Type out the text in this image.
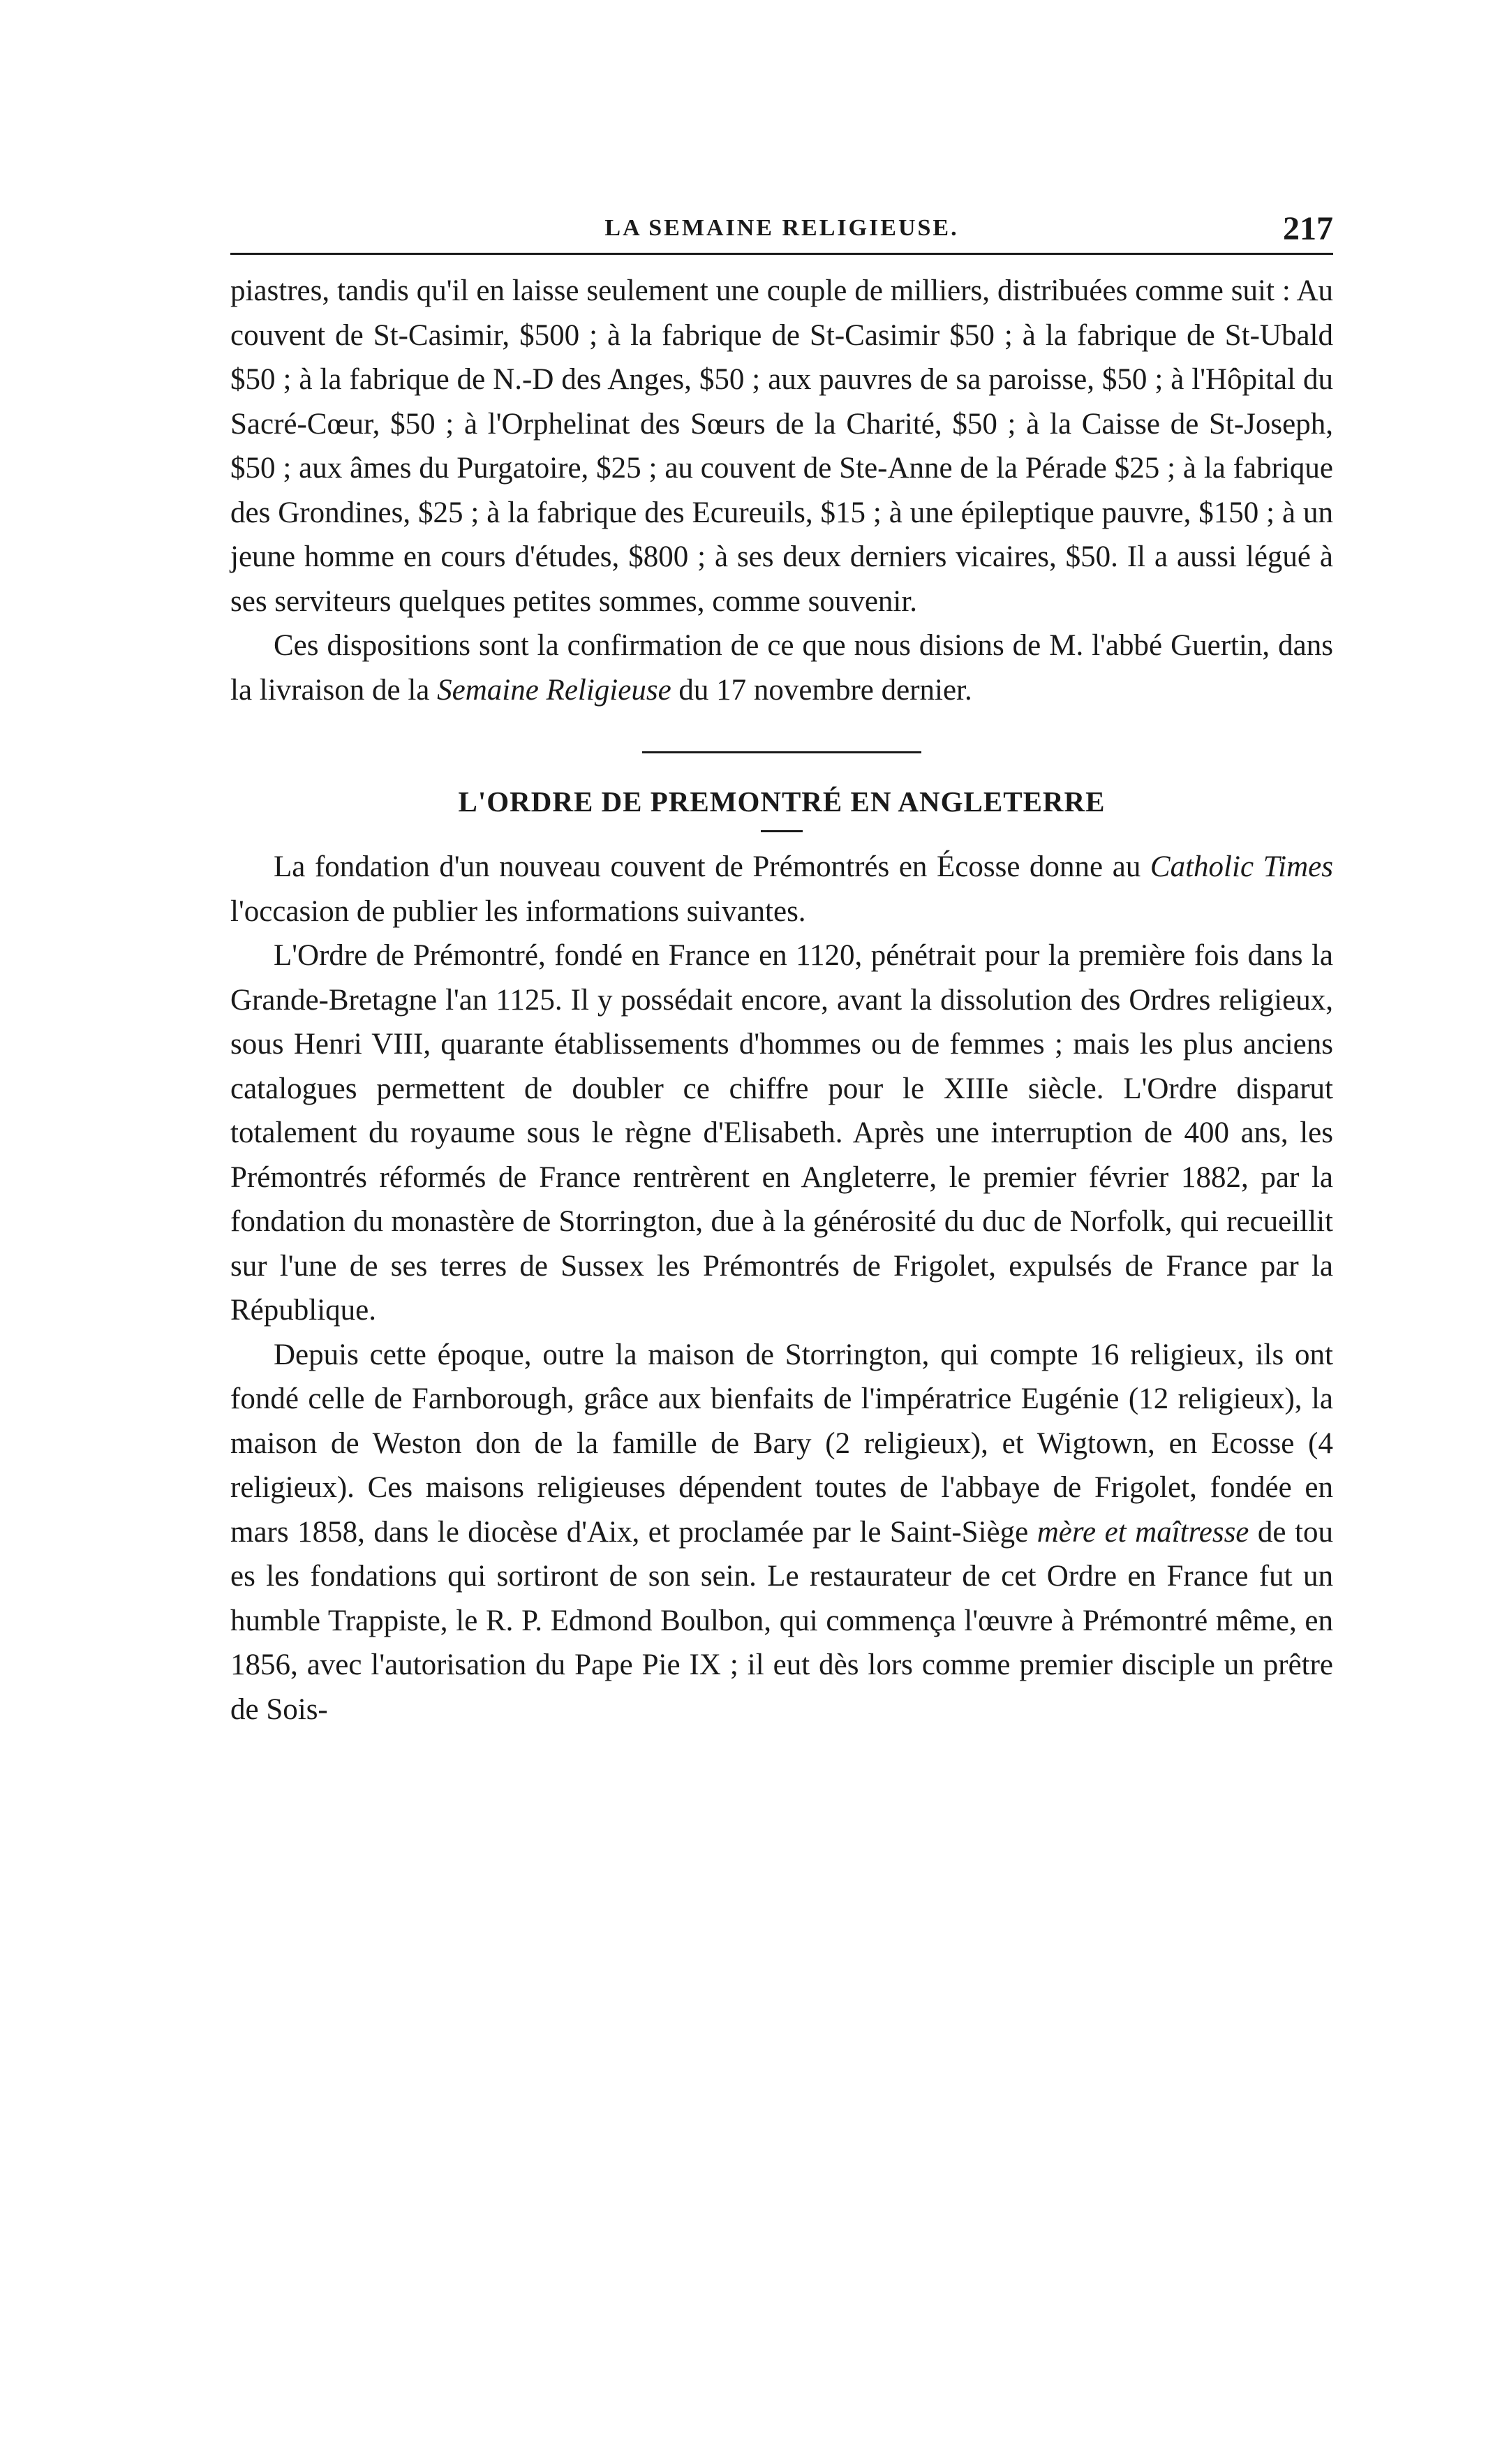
LA SEMAINE RELIGIEUSE.	217

piastres, tandis qu'il en laisse seulement une couple de milliers, distribuées comme suit : Au couvent de St-Casimir, $500 ; à la fabrique de St-Casimir $50 ; à la fabrique de St-Ubald $50 ; à la fabrique de N.-D des Anges, $50 ; aux pauvres de sa paroisse, $50 ; à l'Hôpital du Sacré-Cœur, $50 ; à l'Orphelinat des Sœurs de la Charité, $50 ; à la Caisse de St-Joseph, $50 ; aux âmes du Purgatoire, $25 ; au couvent de Ste-Anne de la Pérade $25 ; à la fabrique des Grondines, $25 ; à la fabrique des Ecureuils, $15 ; à une épileptique pauvre, $150 ; à un jeune homme en cours d'études, $800 ; à ses deux derniers vicaires, $50. Il a aussi légué à ses serviteurs quelques petites sommes, comme souvenir.

Ces dispositions sont la confirmation de ce que nous disions de M. l'abbé Guertin, dans la livraison de la Semaine Religieuse du 17 novembre dernier.

L'ORDRE DE PREMONTRÉ EN ANGLETERRE

La fondation d'un nouveau couvent de Prémontrés en Écosse donne au Catholic Times l'occasion de publier les informations suivantes.

L'Ordre de Prémontré, fondé en France en 1120, pénétrait pour la première fois dans la Grande-Bretagne l'an 1125. Il y possédait encore, avant la dissolution des Ordres religieux, sous Henri VIII, quarante établissements d'hommes ou de femmes ; mais les plus anciens catalogues permettent de doubler ce chiffre pour le XIIIe siècle. L'Ordre disparut totalement du royaume sous le règne d'Elisabeth. Après une interruption de 400 ans, les Prémontrés réformés de France rentrèrent en Angleterre, le premier février 1882, par la fondation du monastère de Storrington, due à la générosité du duc de Norfolk, qui recueillit sur l'une de ses terres de Sussex les Prémontrés de Frigolet, expulsés de France par la République.

Depuis cette époque, outre la maison de Storrington, qui compte 16 religieux, ils ont fondé celle de Farnborough, grâce aux bienfaits de l'impératrice Eugénie (12 religieux), la maison de Weston don de la famille de Bary (2 religieux), et Wigtown, en Ecosse (4 religieux). Ces maisons religieuses dépendent toutes de l'abbaye de Frigolet, fondée en mars 1858, dans le diocèse d'Aix, et proclamée par le Saint-Siège mère et maîtresse de tou es les fondations qui sortiront de son sein. Le restaurateur de cet Ordre en France fut un humble Trappiste, le R. P. Edmond Boulbon, qui commença l'œuvre à Prémontré même, en 1856, avec l'autorisation du Pape Pie IX ; il eut dès lors comme premier disciple un prêtre de Sois-
